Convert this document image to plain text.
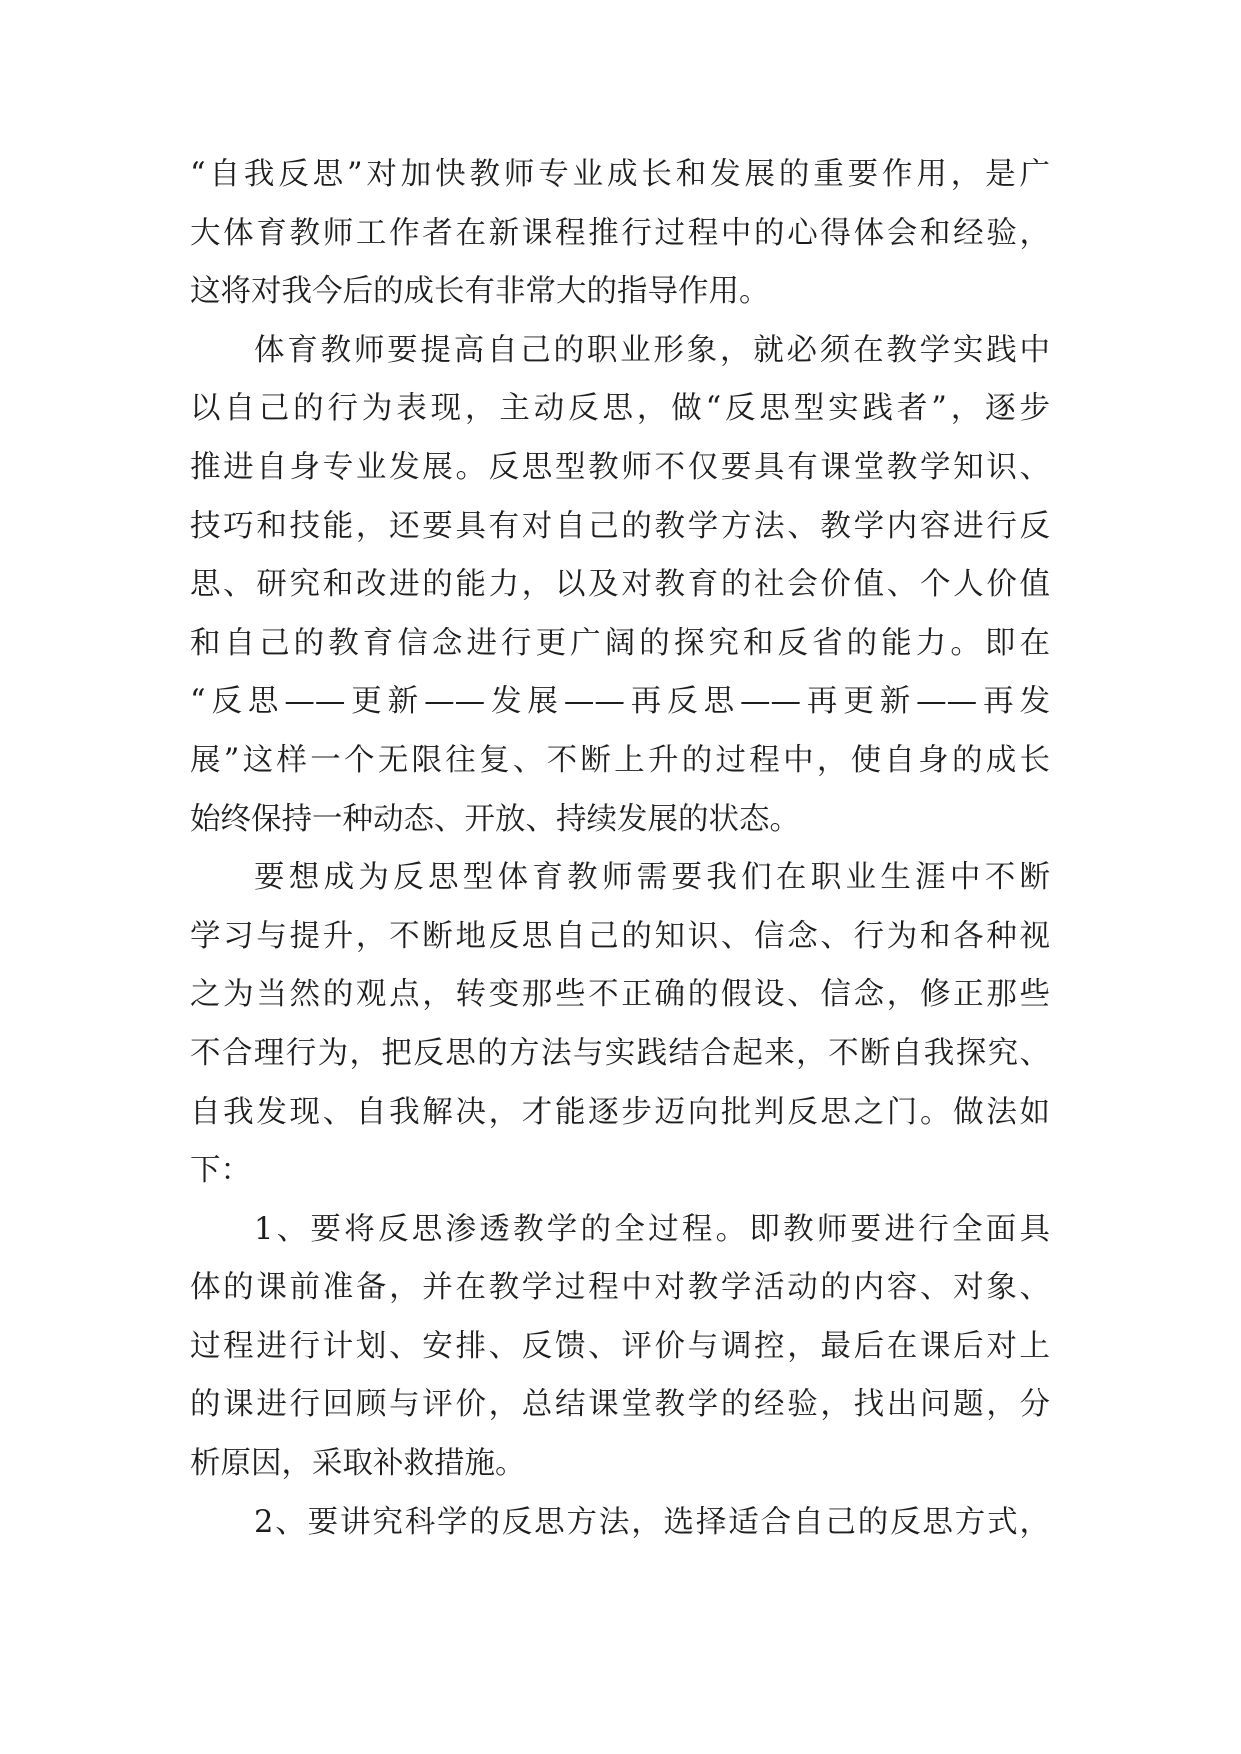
“自我反思”对加快教师专业成长和发展的重要作用，是广
大体育教师工作者在新课程推行过程中的心得体会和经验，
这将对我今后的成长有非常大的指导作用。
体育教师要提高自己的职业形象，就必须在教学实践中
以自己的行为表现，主动反思，做“反思型实践者”，逐步
推进自身专业发展。反思型教师不仅要具有课堂教学知识、
技巧和技能，还要具有对自己的教学方法、教学内容进行反
思、研究和改进的能力，以及对教育的社会价值、个人价值
和自己的教育信念进行更广阔的探究和反省的能力。即在
“反思——更新——发展——再反思——再更新——再发
展”这样一个无限往复、不断上升的过程中，使自身的成长
始终保持一种动态、开放、持续发展的状态。
要想成为反思型体育教师需要我们在职业生涯中不断
学习与提升，不断地反思自己的知识、信念、行为和各种视
之为当然的观点，转变那些不正确的假设、信念，修正那些
不合理行为，把反思的方法与实践结合起来，不断自我探究、
自我发现、自我解决，才能逐步迈向批判反思之门。做法如
下：
1、要将反思渗透教学的全过程。即教师要进行全面具
体的课前准备，并在教学过程中对教学活动的内容、对象、
过程进行计划、安排、反馈、评价与调控，最后在课后对上
的课进行回顾与评价，总结课堂教学的经验，找出问题，分
析原因，采取补救措施。
2、要讲究科学的反思方法，选择适合自己的反思方式，
